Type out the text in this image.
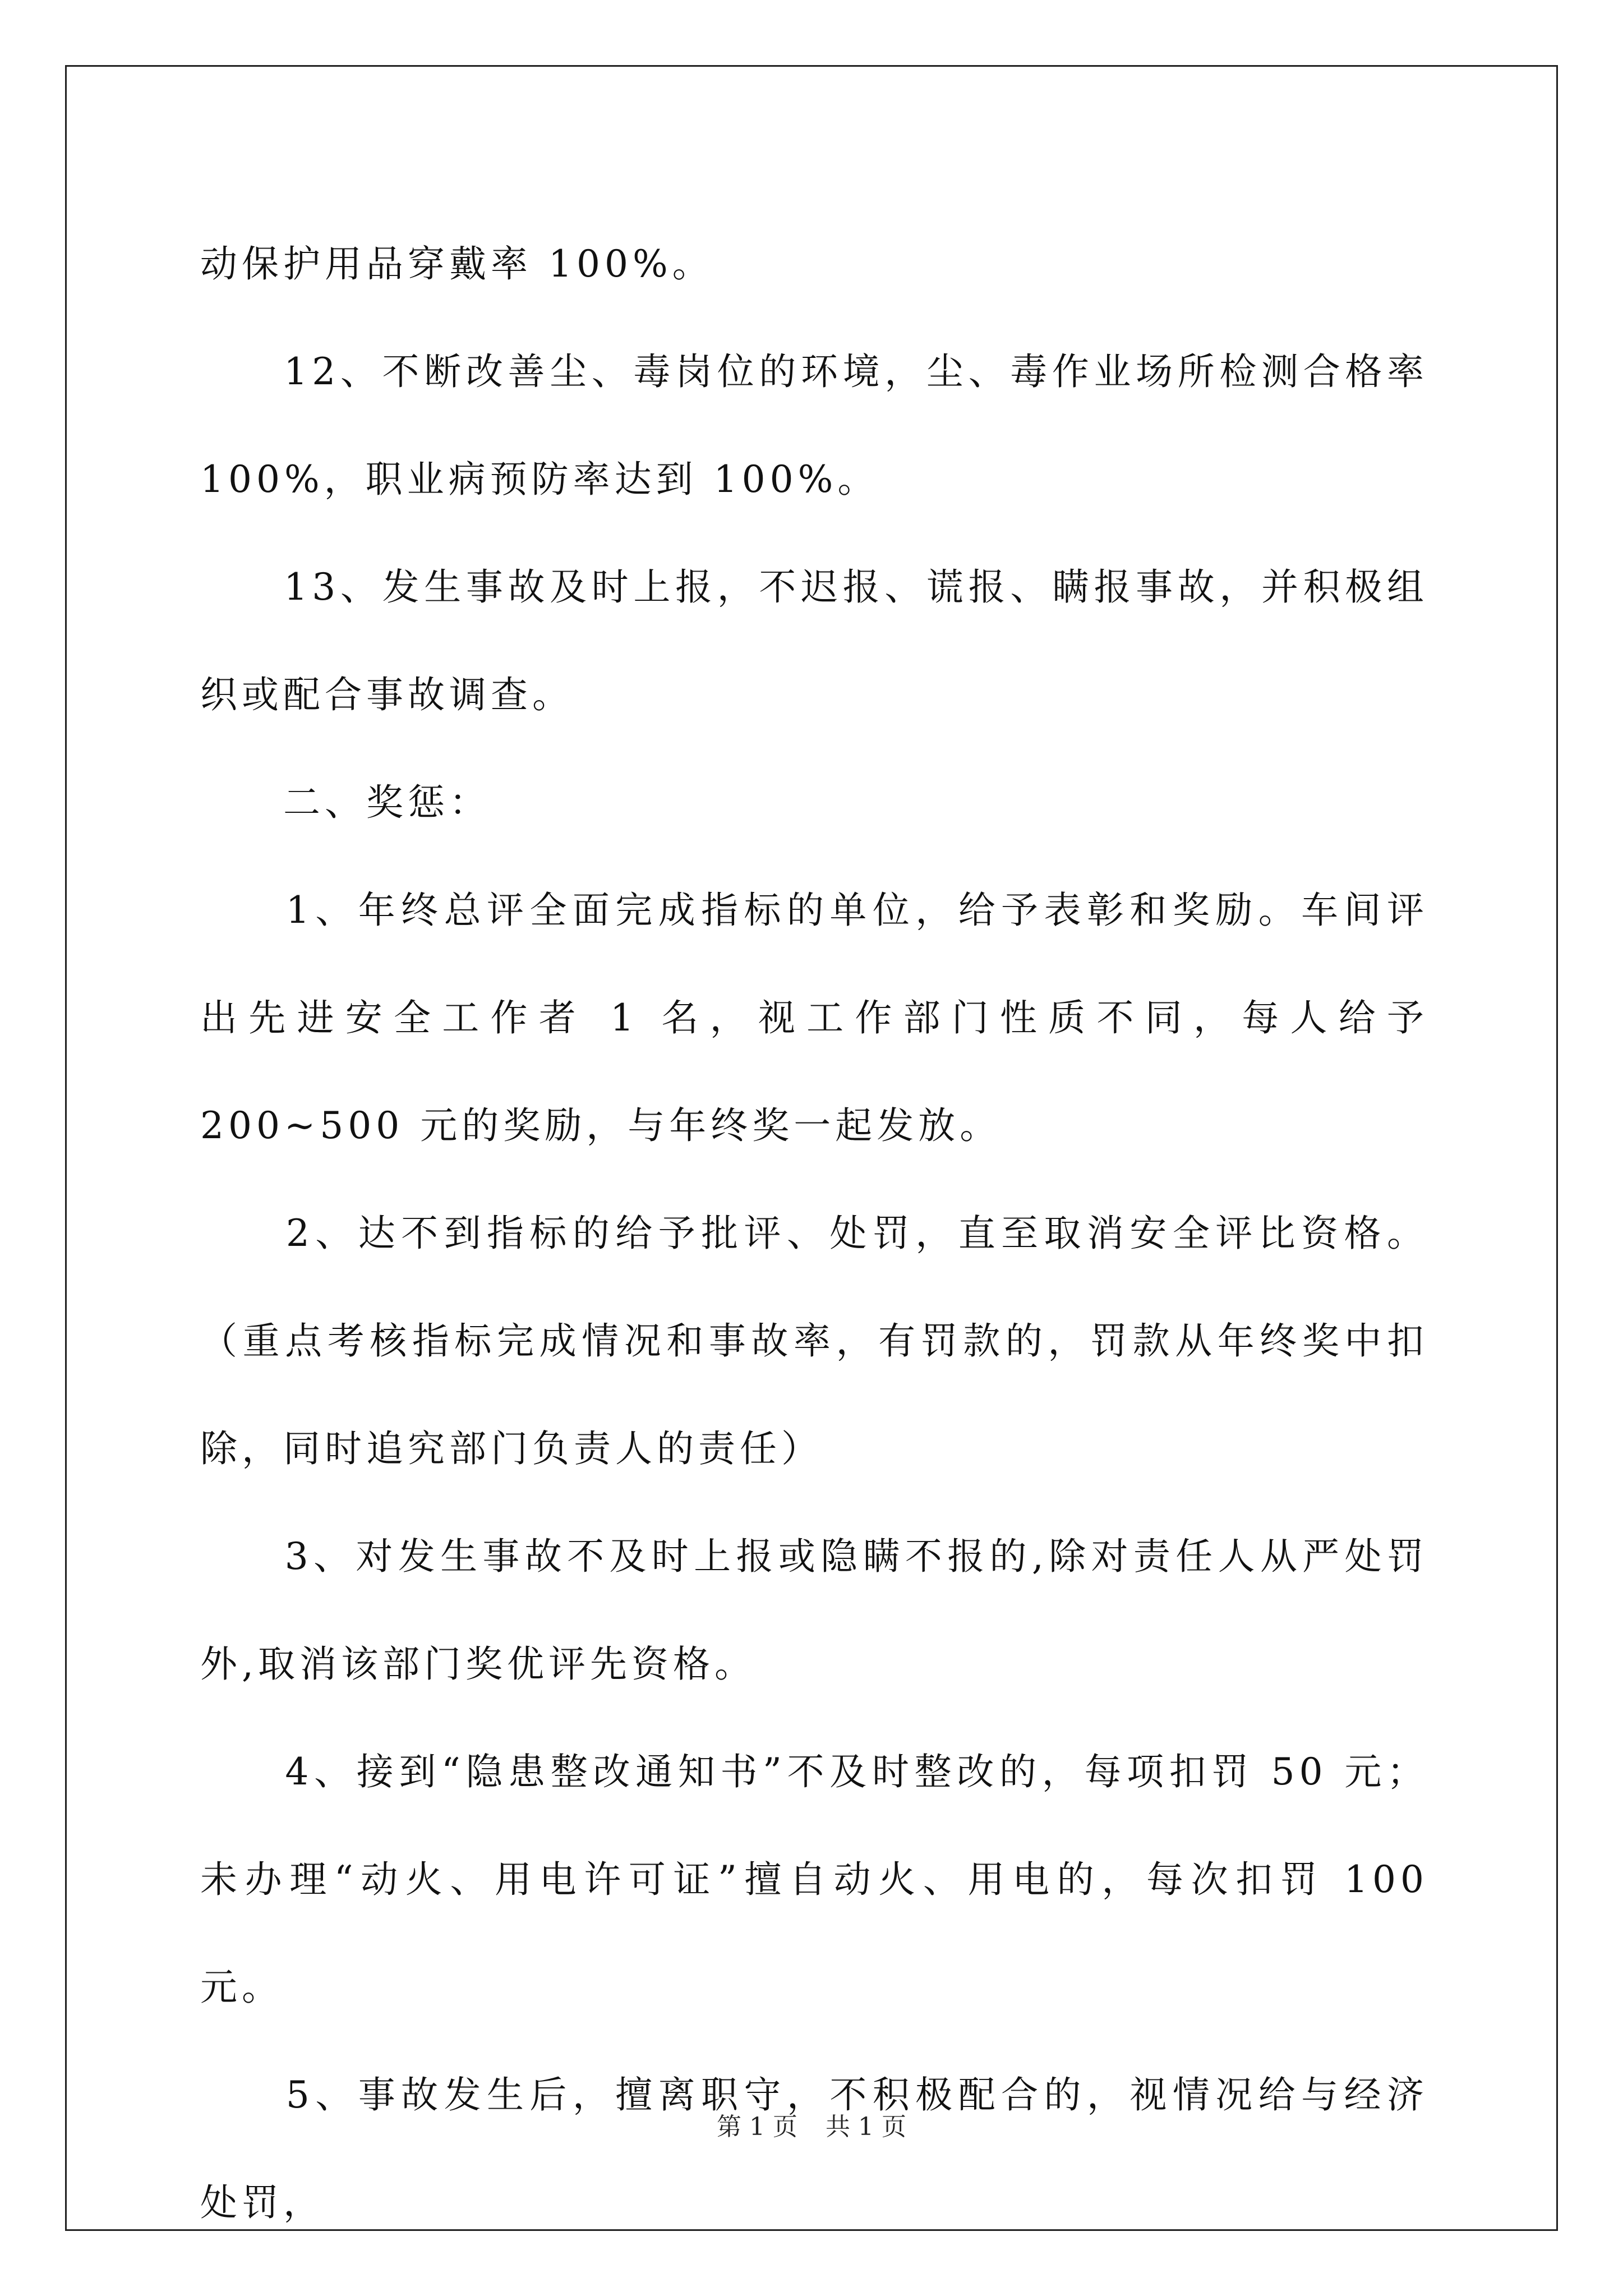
动保护用品穿戴率 100%。

　　12、不断改善尘、毒岗位的环境，尘、毒作业场所检测合格率100%，职业病预防率达到 100%。

　　13、发生事故及时上报，不迟报、谎报、瞒报事故，并积极组织或配合事故调查。

　　二、奖惩：

　　1、年终总评全面完成指标的单位，给予表彰和奖励。车间评出先进安全工作者 1 名，视工作部门性质不同，每人给予 200~500 元的奖励，与年终奖一起发放。

　　2、达不到指标的给予批评、处罚，直至取消安全评比资格。（重点考核指标完成情况和事故率，有罚款的，罚款从年终奖中扣除，同时追究部门负责人的责任）

　　3、对发生事故不及时上报或隐瞒不报的,除对责任人从严处罚外,取消该部门奖优评先资格。

　　4、接到“隐患整改通知书”不及时整改的，每项扣罚 50 元；未办理“动火、用电许可证”擅自动火、用电的，每次扣罚 100 元。

　　5、事故发生后，擅离职守，不积极配合的，视情况给与经济处罚，

第 1 页 共 1 页
